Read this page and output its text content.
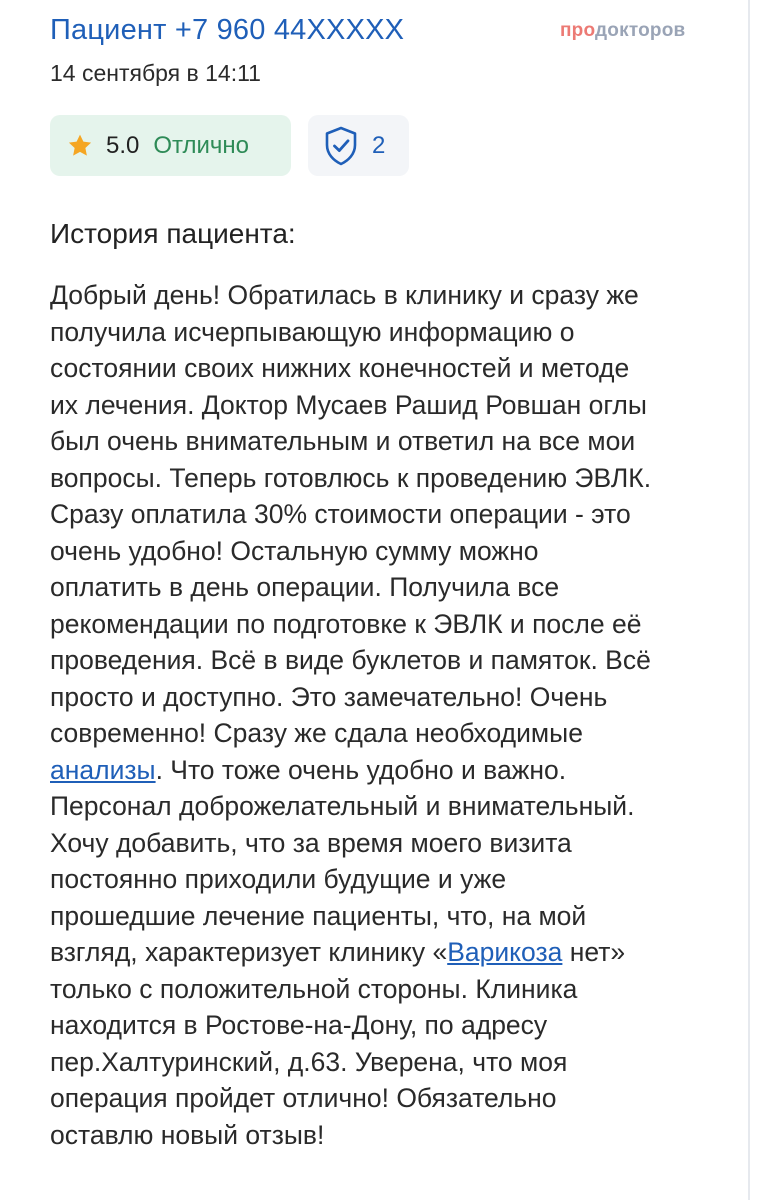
Пациент +7 960 44XXXXX	продокторов
14 сентября в 14:11
5.0 Отлично	2
История пациента:
Добрый день! Обратилась в клинику и сразу же
получила исчерпывающую информацию о
состоянии своих нижних конечностей и методе
их лечения. Доктор Мусаев Рашид Ровшан оглы
был очень внимательным и ответил на все мои
вопросы. Теперь готовлюсь к проведению ЭВЛК.
Сразу оплатила 30% стоимости операции - это
очень удобно! Остальную сумму можно
оплатить в день операции. Получила все
рекомендации по подготовке к ЭВЛК и после её
проведения. Всё в виде буклетов и памяток. Всё
просто и доступно. Это замечательно! Очень
современно! Сразу же сдала необходимые
анализы. Что тоже очень удобно и важно.
Персонал доброжелательный и внимательный.
Хочу добавить, что за время моего визита
постоянно приходили будущие и уже
прошедшие лечение пациенты, что, на мой
взгляд, характеризует клинику «Варикоза нет»
только с положительной стороны. Клиника
находится в Ростове-на-Дону, по адресу
пер.Халтуринский, д.63. Уверена, что моя
операция пройдет отлично! Обязательно
оставлю новый отзыв!
